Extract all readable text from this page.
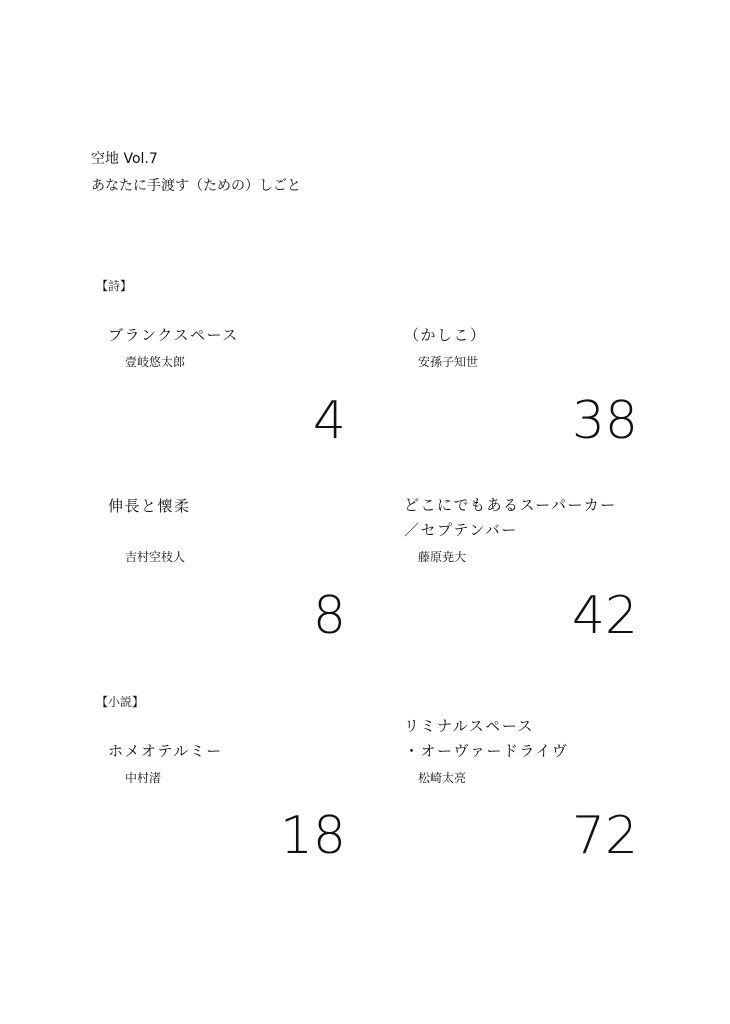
空地 Vol.7
あなたに手渡す（ための）しごと
【詩】
ブランクスペース
壹岐悠太郎
4
（かしこ）
安孫子知世
38
伸長と懐柔
吉村空枝人
8
どこにでもあるスーパーカー
／セプテンバー
藤原尭大
42
【小説】
ホメオテルミー
中村渚
18
リミナルスペース
・オーヴァードライヴ
松崎太亮
72
